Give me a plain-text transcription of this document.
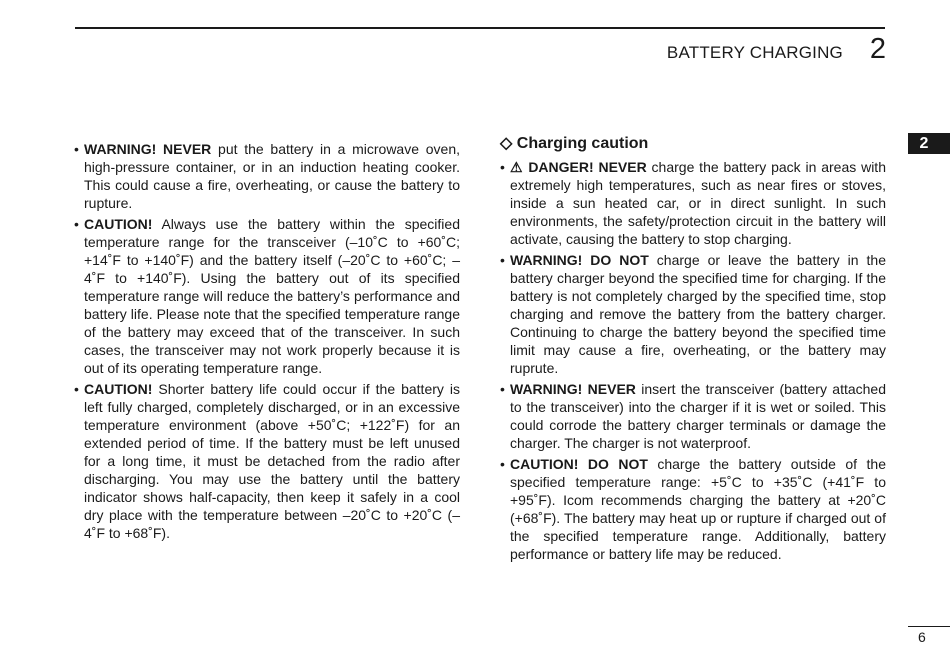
BATTERY CHARGING 2
2

• WARNING! NEVER put the battery in a microwave oven, high-pressure container, or in an induction heating cooker. This could cause a fire, overheating, or cause the battery to rupture.

• CAUTION! Always use the battery within the specified temperature range for the transceiver (–10˚C to +60˚C; +14˚F to +140˚F) and the battery itself (–20˚C to +60˚C; –4˚F to +140˚F). Using the battery out of its specified temperature range will reduce the battery’s performance and battery life. Please note that the specified temperature range of the battery may exceed that of the transceiver. In such cases, the transceiver may not work properly because it is out of its operating temperature range.

• CAUTION! Shorter battery life could occur if the battery is left fully charged, completely discharged, or in an excessive temperature environment (above +50˚C; +122˚F) for an extended period of time. If the battery must be left unused for a long time, it must be detached from the radio after discharging. You may use the battery until the battery indicator shows half-capacity, then keep it safely in a cool dry place with the temperature between –20˚C to +20˚C (–4˚F to +68˚F).

◇ Charging caution

• ⚠ DANGER! NEVER charge the battery pack in areas with extremely high temperatures, such as near fires or stoves, inside a sun heated car, or in direct sunlight. In such environments, the safety/protection circuit in the battery will activate, causing the battery to stop charging.

• WARNING! DO NOT charge or leave the battery in the battery charger beyond the specified time for charging. If the battery is not completely charged by the specified time, stop charging and remove the battery from the battery charger. Continuing to charge the battery beyond the specified time limit may cause a fire, overheating, or the battery may ruprute.

• WARNING! NEVER insert the transceiver (battery attached to the transceiver) into the charger if it is wet or soiled. This could corrode the battery charger terminals or damage the charger. The charger is not waterproof.

• CAUTION! DO NOT charge the battery outside of the specified temperature range: +5˚C to +35˚C (+41˚F to +95˚F). Icom recommends charging the battery at +20˚C (+68˚F). The battery may heat up or rupture if charged out of the specified temperature range. Additionally, battery performance or battery life may be reduced.

6
